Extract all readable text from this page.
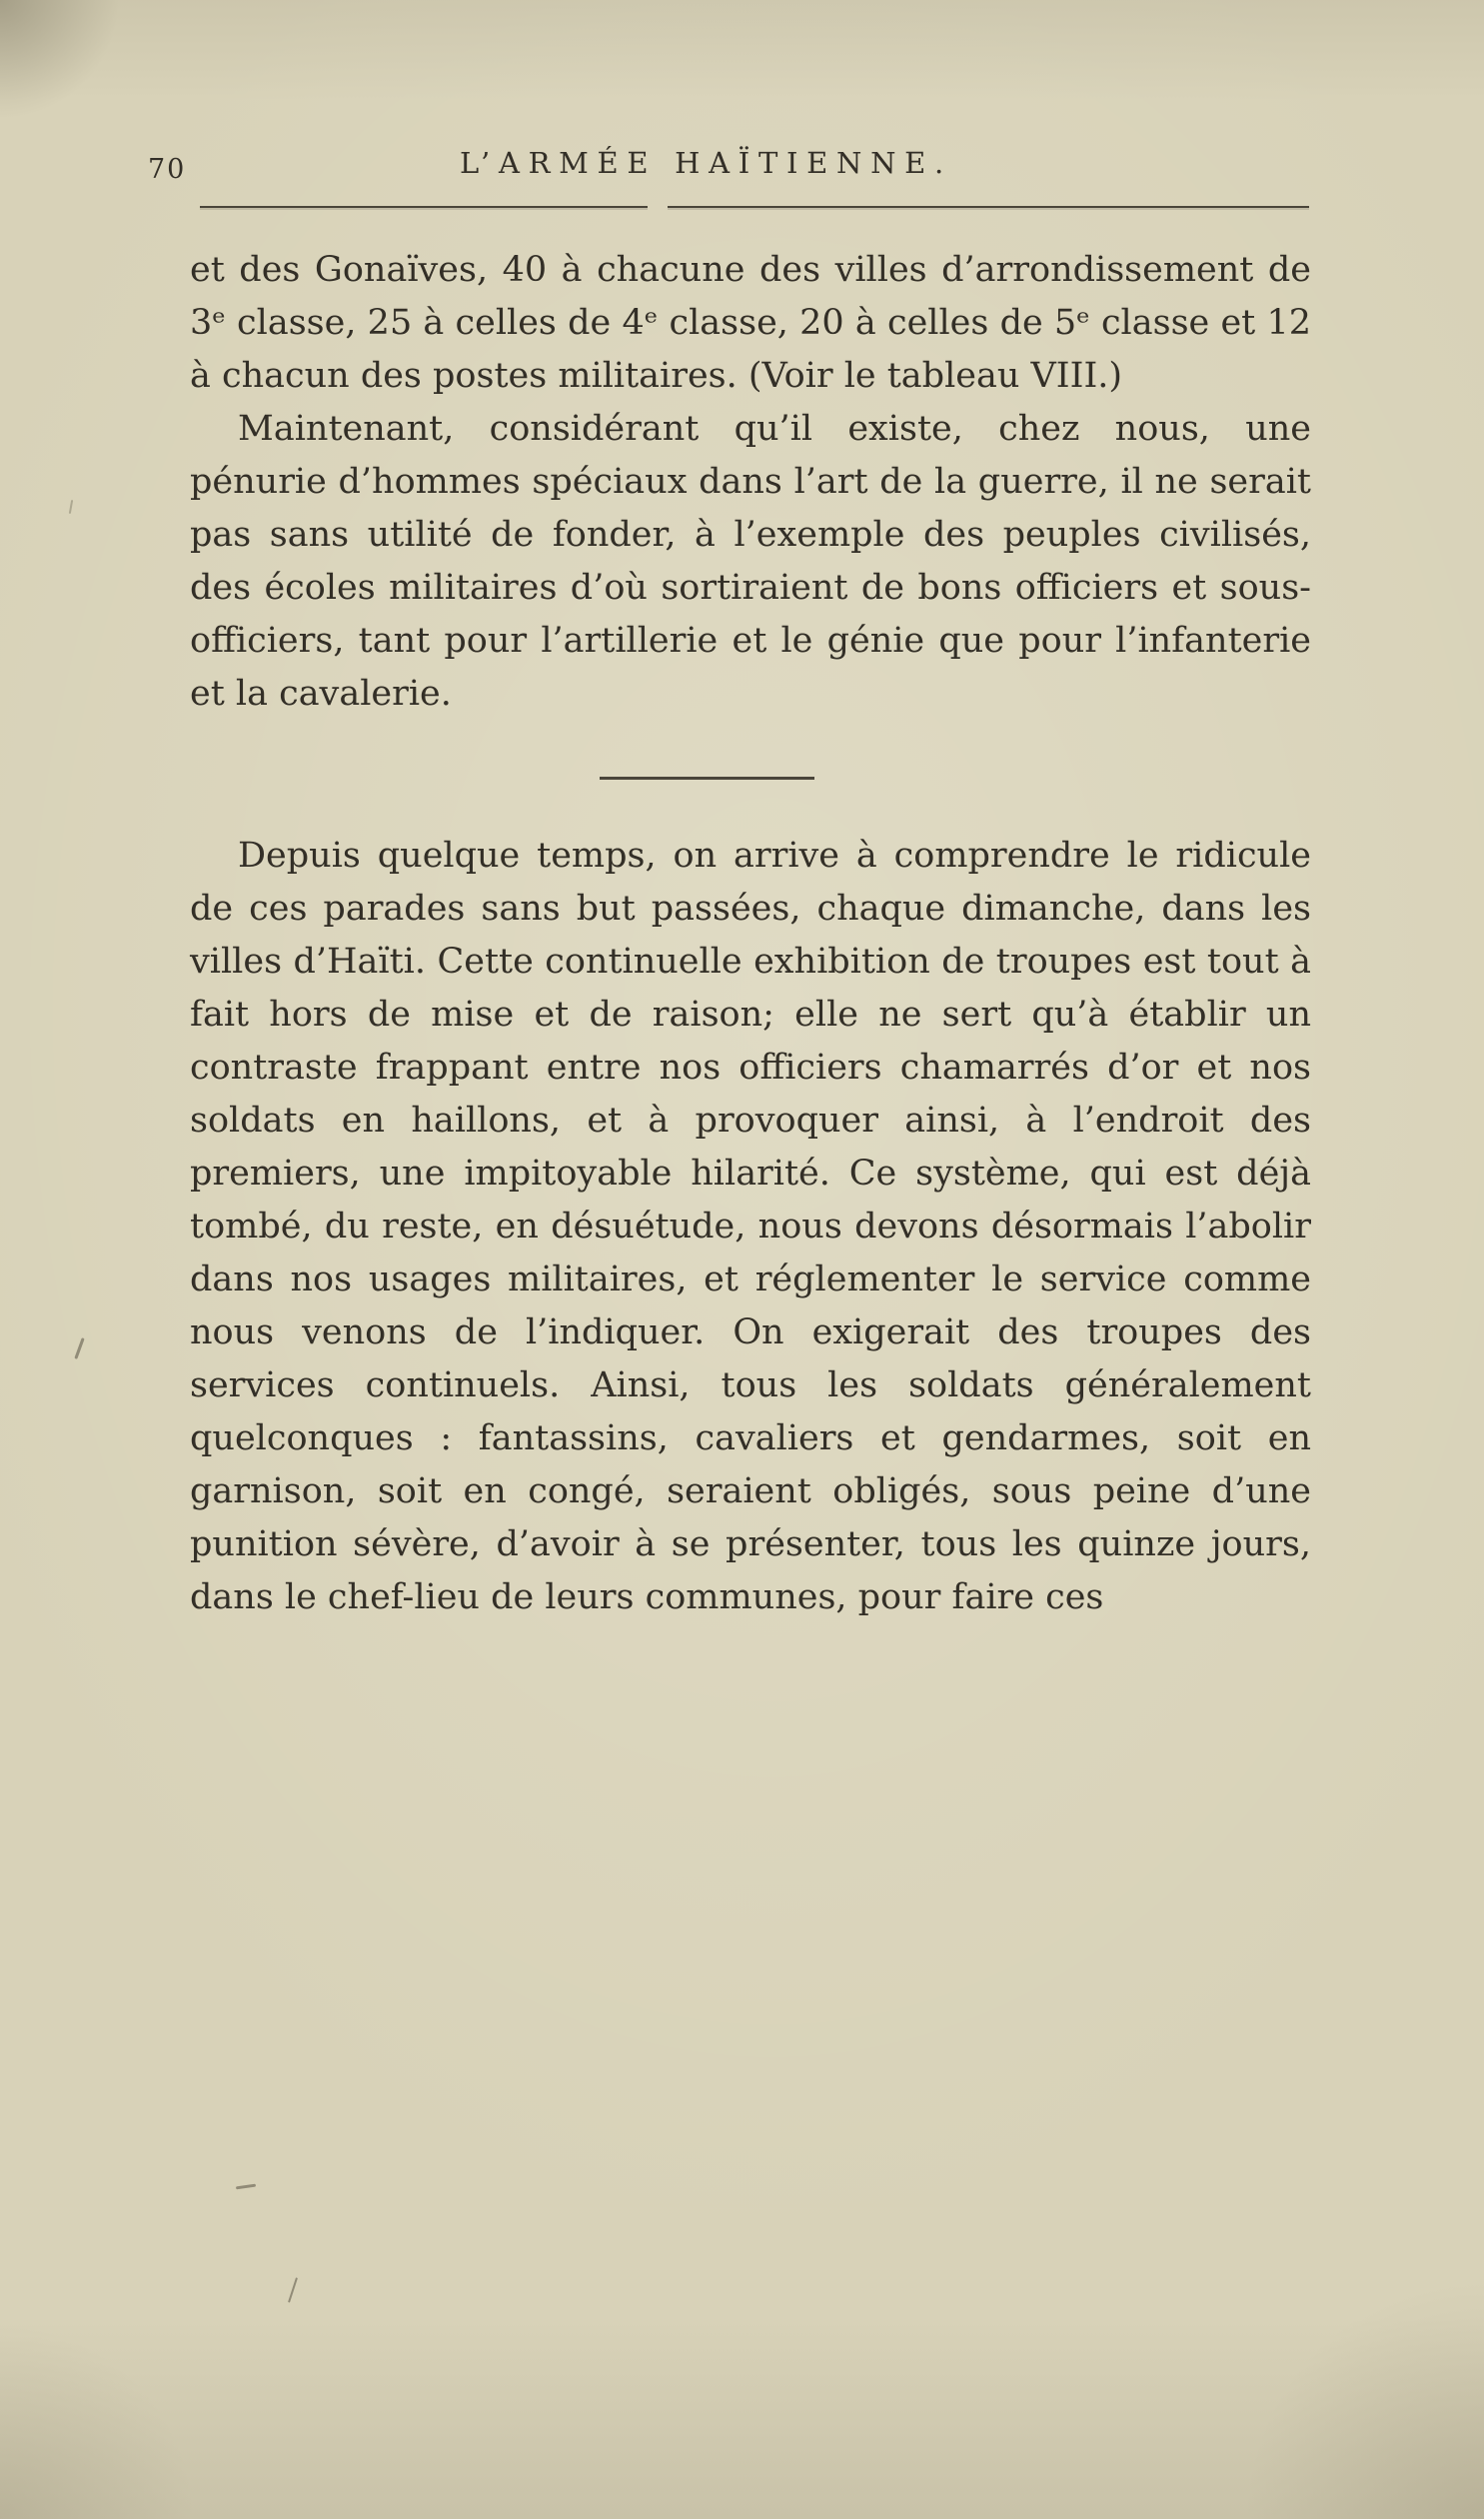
70	L’ARMÉE HAÏTIENNE.

et des Gonaïves, 40 à chacune des villes d’arrondissement de 3ᵉ classe, 25 à celles de 4ᵉ classe, 20 à celles de 5ᵉ classe et 12 à chacun des postes militaires. (Voir le tableau VIII.)

Maintenant, considérant qu’il existe, chez nous, une pénurie d’hommes spéciaux dans l’art de la guerre, il ne serait pas sans utilité de fonder, à l’exemple des peuples civilisés, des écoles militaires d’où sortiraient de bons officiers et sous-officiers, tant pour l’artillerie et le génie que pour l’infanterie et la cavalerie.

Depuis quelque temps, on arrive à comprendre le ridicule de ces parades sans but passées, chaque dimanche, dans les villes d’Haïti. Cette continuelle exhibition de troupes est tout à fait hors de mise et de raison; elle ne sert qu’à établir un contraste frappant entre nos officiers chamarrés d’or et nos soldats en haillons, et à provoquer ainsi, à l’endroit des premiers, une impitoyable hilarité. Ce système, qui est déjà tombé, du reste, en désuétude, nous devons désormais l’abolir dans nos usages militaires, et réglementer le service comme nous venons de l’indiquer. On exigerait des troupes des services continuels. Ainsi, tous les soldats généralement quelconques : fantassins, cavaliers et gendarmes, soit en garnison, soit en congé, seraient obligés, sous peine d’une punition sévère, d’avoir à se présenter, tous les quinze jours, dans le chef-lieu de leurs communes, pour faire ces
